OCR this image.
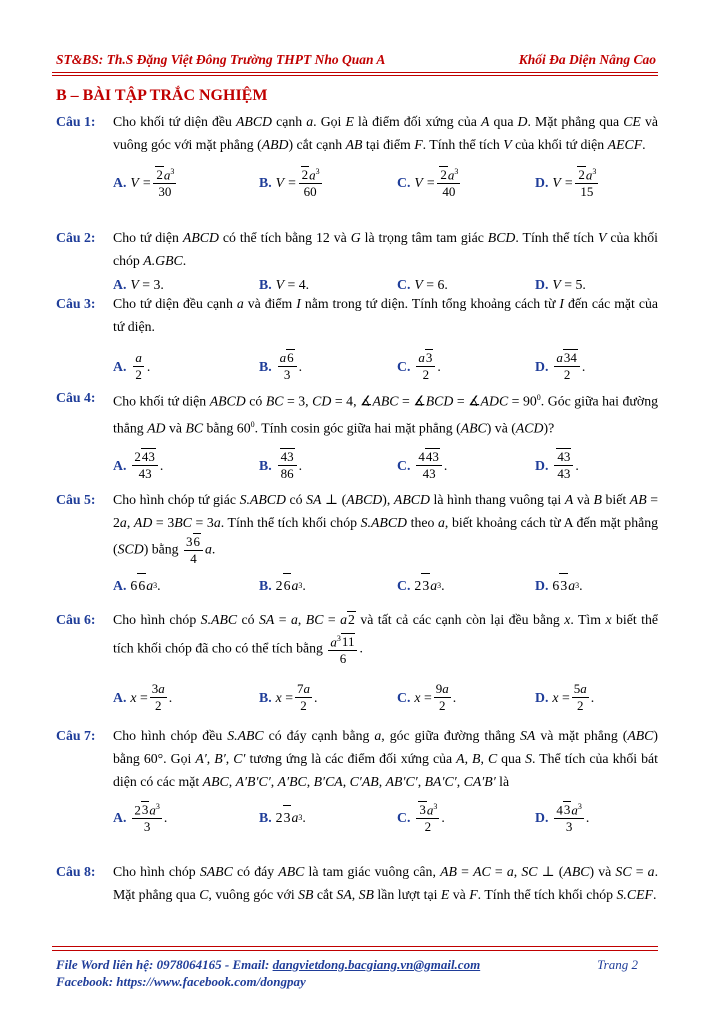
ST&BS: Th.S Đặng Việt Đông Trường THPT Nho Quan A	Khối Đa Diện Nâng Cao
B – BÀI TẬP TRẮC NGHIỆM
Câu 1: Cho khối tứ diện đều ABCD cạnh a. Gọi E là điểm đối xứng của A qua D. Mặt phẳng qua CE và vuông góc với mặt phẳng (ABD) cắt cạnh AB tại điểm F. Tính thể tích V của khối tứ diện AECF.
A. $V = \frac{2a^3}{30}$	B. $V = \frac{2a^3}{60}$	C. $V = \frac{2a^3}{40}$	D. $V = \frac{2a^3}{15}$
Câu 2: Cho tứ diện ABCD có thể tích bằng 12 và G là trọng tâm tam giác BCD. Tính thể tích V của khối chóp A.GBC.
A. V = 3.	B. V = 4.	C. V = 6.	D. V = 5.
Câu 3: Cho tứ diện đều cạnh a và điểm I nằm trong tứ diện. Tính tổng khoảng cách từ I đến các mặt của tứ diện.
A. $\frac{a}{2}$ .	B. $\frac{a6}{3}$ .	C. $\frac{a3}{2}$ .	D. $\frac{a34}{2}$ .
Câu 4: Cho khối tứ diện ABCD có BC = 3, CD = 4, ∡ABC = ∡BCD = ∡ADC = $90^0$. Góc giữa hai đường thẳng AD và BC bằng $60^0$. Tính cosin góc giữa hai mặt phẳng (ABC) và (ACD)?
A. $\frac{243}{43}$ .	B. $\frac{43}{86}$ .	C. $\frac{443}{43}$ .	D. $\frac{43}{43}$ .
Câu 5: Cho hình chóp tứ giác S.ABCD có SA ⊥ (ABCD), ABCD là hình thang vuông tại A và B biết AB = 2a, AD = 3BC = 3a. Tính thể tích khối chóp S.ABCD theo a, biết khoảng cách từ A đến mặt phẳng (SCD) bằng $\frac{36}{4} a$.
A. 6 6 a 3 .	B. 2 6 a 3 .	C. 2 3 a 3 .	D. 6 3 a 3 .
Câu 6: Cho hình chóp S.ABC có SA = a, BC = a2 và tất cả các cạnh còn lại đều bằng x. Tìm x biết thể tích khối chóp đã cho có thể tích bằng $\frac{a^311}{6}$ .
A. $x = \frac{3a}{2}$ .	B. $x = \frac{7a}{2}$ .	C. $x = \frac{9a}{2}$ .	D. $x = \frac{5a}{2}$ .
Câu 7: Cho hình chóp đều S.ABC có đáy cạnh bằng a, góc giữa đường thẳng SA và mặt phẳng (ABC) bằng 60°. Gọi A′, B′, C′ tương ứng là các điểm đối xứng của A, B, C qua S. Thể tích của khối bát diện có các mặt ABC, A′B′C′, A′BC, B′CA, C′AB, AB′C′, BA′C′, CA′B′ là
A. $\frac{23a^3}{3}$ .	B. 2 3 a 3 .	C. $\frac{3a^3}{2}$ .	D. $\frac{43a^3}{3}$ .
Câu 8: Cho hình chóp SABC có đáy ABC là tam giác vuông cân, AB = AC = a, SC ⊥ (ABC) và SC = a. Mặt phẳng qua C, vuông góc với SB cắt SA, SB lần lượt tại E và F. Tính thể tích khối chóp S.CEF.
File Word liên hệ: 0978064165 - Email: dangvietdong.bacgiang.vn@gmail.com	Trang 2
Facebook: https://www.facebook.com/dongpay
